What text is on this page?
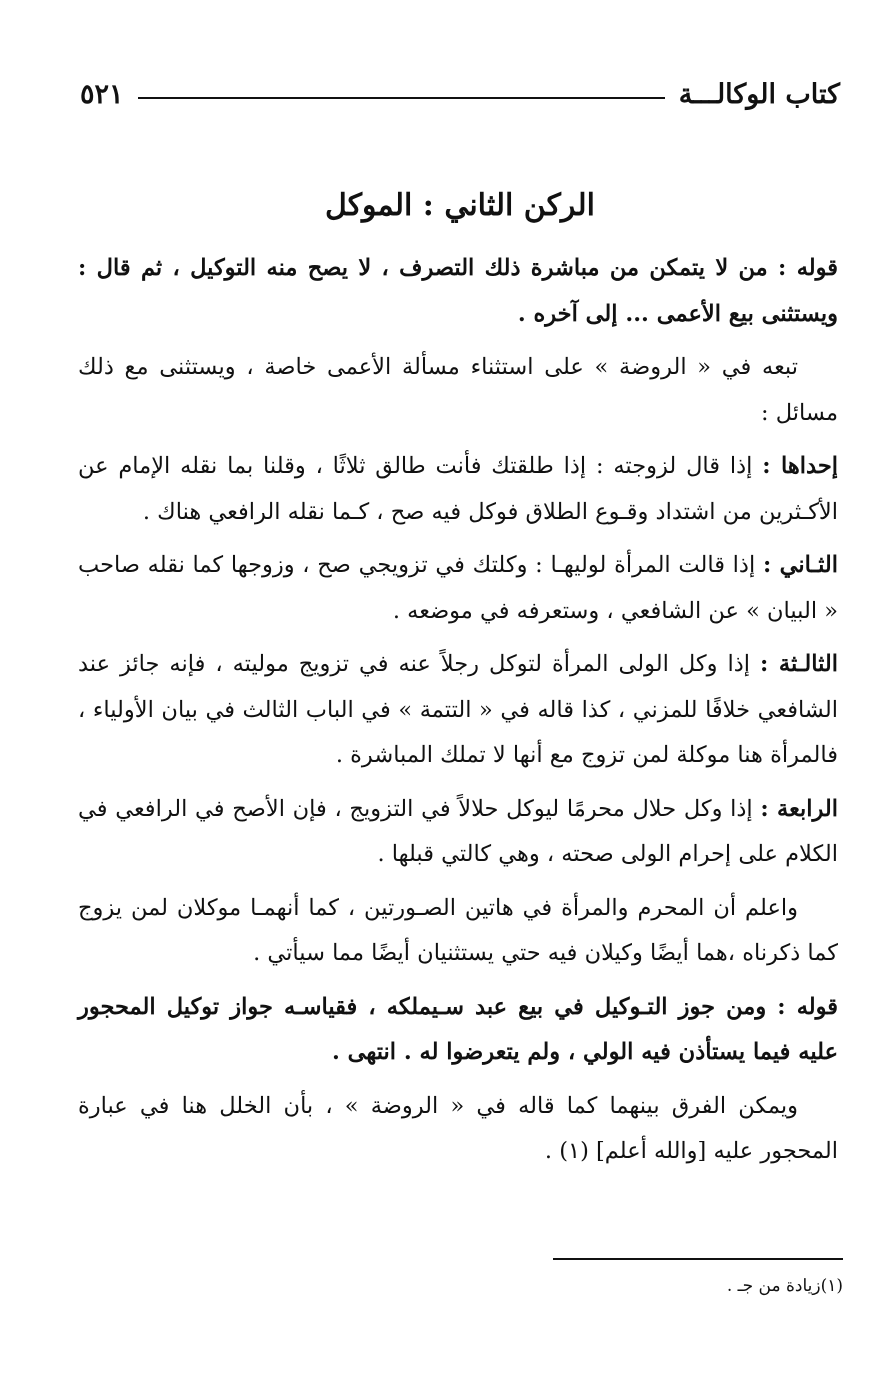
كتاب الوكالـــة
٥٢١
الركن الثاني : الموكل

قوله : من لا يتمكن من مباشرة ذلك التصرف ، لا يصح منه التوكيل ، ثم قال : ويستثنى بيع الأعمى ... إلى آخره .

تبعه في « الروضة » على استثناء مسألة الأعمى خاصة ، ويستثنى مع ذلك مسائل :

إحداها : إذا قال لزوجته : إذا طلقتك فأنت طالق ثلاثًا ، وقلنا بما نقله الإمام عن الأكـثرين من اشتداد وقـوع الطلاق فوكل فيه صح ، كـما نقله الرافعي هناك .

الثـاني : إذا قالت المرأة لوليهـا : وكلتك في تزويجي صح ، وزوجها كما نقله صاحب « البيان » عن الشافعي ، وستعرفه في موضعه .

الثالـثة : إذا وكل الولى المرأة لتوكل رجلاً عنه في تزويج موليته ، فإنه جائز عند الشافعي خلافًا للمزني ، كذا قاله في « التتمة » في الباب الثالث في بيان الأولياء ، فالمرأة هنا موكلة لمن تزوج مع أنها لا تملك المباشرة .

الرابعة : إذا وكل حلال محرمًا ليوكل حلالاً في التزويج ، فإن الأصح في الرافعي في الكلام على إحرام الولى صحته ، وهي كالتي قبلها .

واعلم أن المحرم والمرأة في هاتين الصـورتين ، كما أنهمـا موكلان لمن يزوج كما ذكرناه ،هما أيضًا وكيلان فيه حتي يستثنيان أيضًا مما سيأتي .

قوله : ومن جوز التـوكيل في بيع عبد سـيملكه ، فقياسـه جواز توكيل المحجور عليه فيما يستأذن فيه الولي ، ولم يتعرضوا له . انتهى .

ويمكن الفرق بينهما كما قاله في « الروضة » ، بأن الخلل هنا في عبارة المحجور عليه [والله أعلم] (١) .

(١)زيادة من جـ .
